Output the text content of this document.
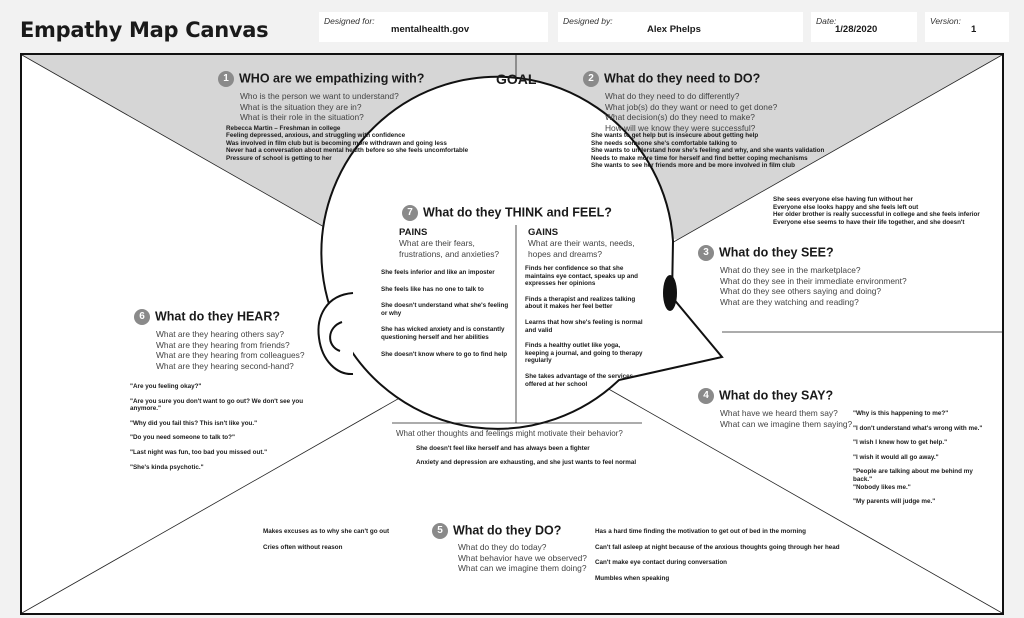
Empathy Map Canvas	Designed for:
mentalhealth.gov
Designed by:
Alex Phelps
Date:
1/28/2020
Version:
1
GOAL
1 WHO are we empathizing with?
Who is the person we want to understand?
What is the situation they are in?
What is their role in the situation?
Rebecca Martin – Freshman in college
Feeling depressed, anxious, and struggling with confidence
Was involved in film club but is becoming more withdrawn and going less
Never had a conversation about mental health before so she feels uncomfortable
Pressure of school is getting to her
2 What do they need to DO?
What do they need to do differently?
What job(s) do they want or need to get done?
What decision(s) do they need to make?
How will we know they were successful?
She wants to get help but is insecure about getting help
She needs someone she's comfortable talking to
She wants to understand how she's feeling and why, and she wants validation
Needs to make more time for herself and find better coping mechanisms
She wants to see her friends more and be more involved in film club
She sees everyone else having fun without her
Everyone else looks happy and she feels left out
Her older brother is really successful in college and she feels inferior
Everyone else seems to have their life together, and she doesn't
3 What do they SEE?
What do they see in the marketplace?
What do they see in their immediate environment?
What do they see others saying and doing?
What are they watching and reading?
4 What do they SAY?
What have we heard them say?
What can we imagine them saying?
"Why is this happening to me?"
"I don't understand what's wrong with me."
"I wish I knew how to get help."
"I wish it would all go away."
"People are talking about me behind my back."
"Nobody likes me."
"My parents will judge me."
Makes excuses as to why she can't go out
Cries often without reason
5 What do they DO?
What do they do today?
What behavior have we observed?
What can we imagine them doing?
Has a hard time finding the motivation to get out of bed in the morning
Can't fall asleep at night because of the anxious thoughts going through her head
Can't make eye contact during conversation
Mumbles when speaking
6 What do they HEAR?
What are they hearing others say?
What are they hearing from friends?
What are they hearing from colleagues?
What are they hearing second-hand?
"Are you feeling okay?"
"Are you sure you don't want to go out? We don't see you anymore."
"Why did you fail this? This isn't like you."
"Do you need someone to talk to?"
"Last night was fun, too bad you missed out."
"She's kinda psychotic."
7 What do they THINK and FEEL?
PAINS
What are their fears, frustrations, and anxieties?
She feels inferior and like an imposter
She feels like has no one to talk to
She doesn't understand what she's feeling or why
She has wicked anxiety and is constantly questioning herself and her abilities
She doesn't know where to go to find help
GAINS
What are their wants, needs, hopes and dreams?
Finds her confidence so that she maintains eye contact, speaks up and expresses her opinions
Finds a therapist and realizes talking about it makes her feel better
Learns that how she's feeling is normal and valid
Finds a healthy outlet like yoga, keeping a journal, and going to therapy regularly
She takes advantage of the services offered at her school
What other thoughts and feelings might motivate their behavior?
She doesn't feel like herself and has always been a fighter
Anxiety and depression are exhausting, and she just wants to feel normal
